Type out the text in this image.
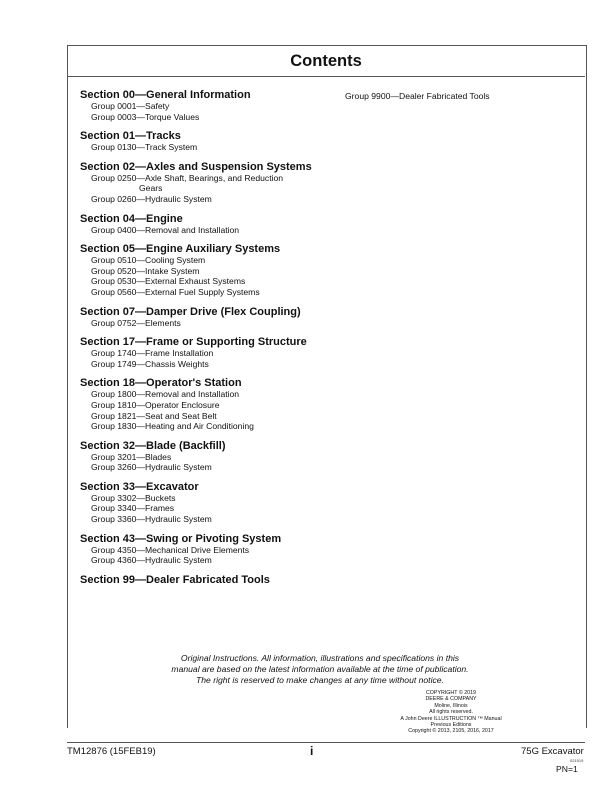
Contents
Section 00—General Information
Group 0001—Safety
Group 0003—Torque Values
Section 01—Tracks
Group 0130—Track System
Section 02—Axles and Suspension Systems
Group 0250—Axle Shaft, Bearings, and Reduction
Gears
Group 0260—Hydraulic System
Section 04—Engine
Group 0400—Removal and Installation
Section 05—Engine Auxiliary Systems
Group 0510—Cooling System
Group 0520—Intake System
Group 0530—External Exhaust Systems
Group 0560—External Fuel Supply Systems
Section 07—Damper Drive (Flex Coupling)
Group 0752—Elements
Section 17—Frame or Supporting Structure
Group 1740—Frame Installation
Group 1749—Chassis Weights
Section 18—Operator's Station
Group 1800—Removal and Installation
Group 1810—Operator Enclosure
Group 1821—Seat and Seat Belt
Group 1830—Heating and Air Conditioning
Section 32—Blade (Backfill)
Group 3201—Blades
Group 3260—Hydraulic System
Section 33—Excavator
Group 3302—Buckets
Group 3340—Frames
Group 3360—Hydraulic System
Section 43—Swing or Pivoting System
Group 4350—Mechanical Drive Elements
Group 4360—Hydraulic System
Section 99—Dealer Fabricated Tools
Group 9900—Dealer Fabricated Tools
Original Instructions. All information, illustrations and specifications in this
manual are based on the latest information available at the time of publication.
The right is reserved to make changes at any time without notice.
COPYRIGHT © 2019
DEERE & COMPANY
Moline, Illinois
All rights reserved.
A John Deere ILLUSTRUCTION ™ Manual
Previous Editions
Copyright © 2013, 2105, 2016, 2017
TM12876 (15FEB19)	i	75G Excavator
021519
PN=1
